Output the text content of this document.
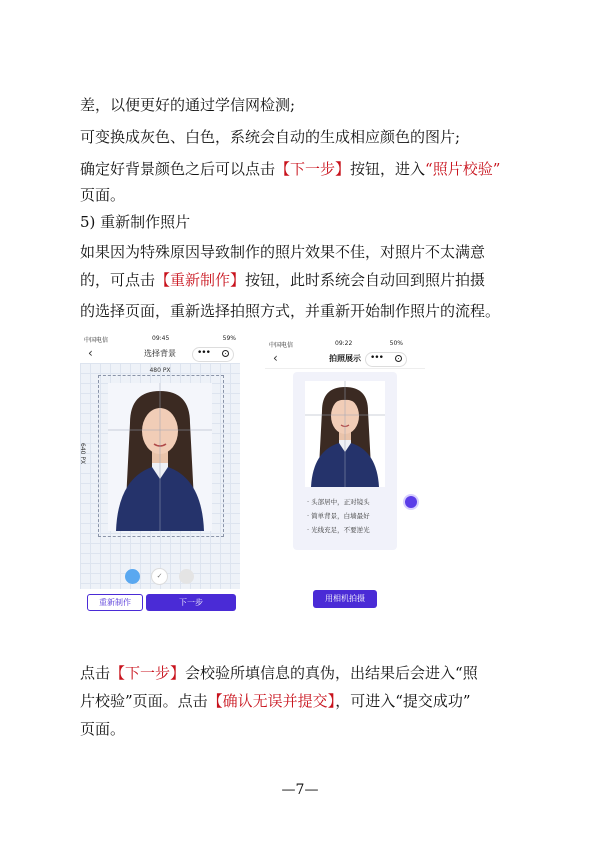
差，以便更好的通过学信网检测;
可变换成灰色、白色，系统会自动的生成相应颜色的图片;
确定好背景颜色之后可以点击【下一步】按钮，进入“照片校验”
页面。
5) 重新制作照片
如果因为特殊原因导致制作的照片效果不佳，对照片不太满意
的，可点击【重新制作】按钮，此时系统会自动回到照片拍摄
的选择页面，重新选择拍照方式，并重新开始制作照片的流程。
中国电信	09:45	59%
‹	选择背景	•••
480 PX
640 PX
✓
重新制作	下一步
中国电信	09:22	50%
‹	拍照展示	•••
· 头部居中，正对镜头
· 简单背景，白墙最好
· 光线充足，不要逆光
用相机拍摄
点击【下一步】会校验所填信息的真伪，出结果后会进入“照
片校验”页面。点击【确认无误并提交】，可进入“提交成功”
页面。
—7—
